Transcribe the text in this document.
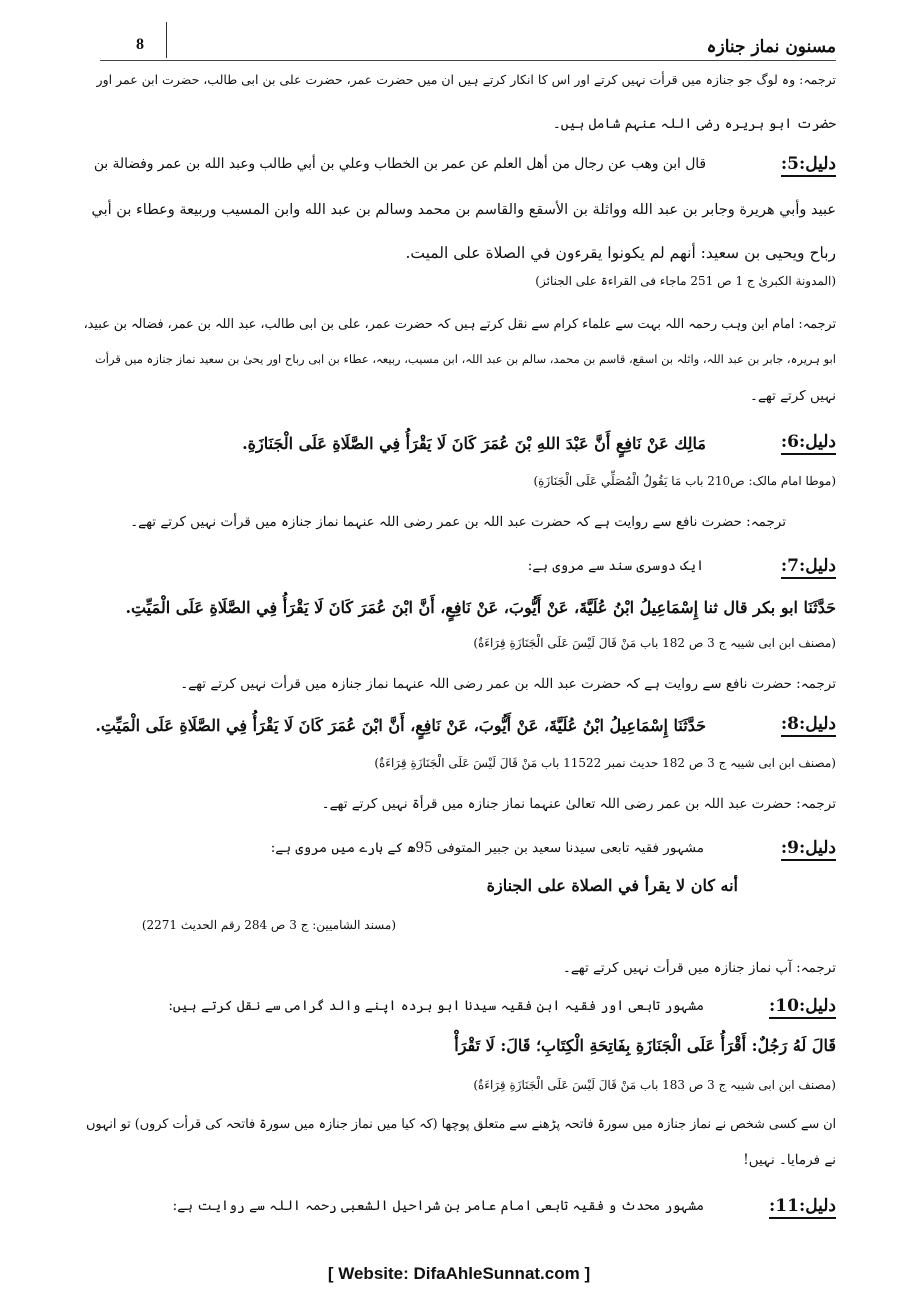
مسنون نماز جنازہ
8
ترجمہ: وہ لوگ جو جنازہ میں قرأت نہیں کرتے اور اس کا انکار کرتے ہیں ان میں حضرت عمر، حضرت علی بن ابی طالب، حضرت ابن عمر اور
حضرت ابو ہریرہ رضی اللہ عنہم شامل ہیں۔
دلیل:5:
قال ابن وهب عن رجال من أهل العلم عن عمر بن الخطاب وعلي بن أبي طالب وعبد الله بن عمر وفضالة بن
عبيد وأبي هريرة وجابر بن عبد الله وواثلة بن الأسقع والقاسم بن محمد وسالم بن عبد الله وابن المسيب وربيعة وعطاء بن أبي
رباح ويحيى بن سعيد: أنهم لم يكونوا يقرءون في الصلاة على الميت.
(المدونة الکبریٰ ج 1 ص 251 ماجاء فی القراءۃ علی الجنائز)
ترجمہ: امام ابن وہب رحمہ اللہ بہت سے علماء کرام سے نقل کرتے ہیں کہ حضرت عمر، علی بن ابی طالب، عبد اللہ بن عمر، فضالہ بن عبید،
ابو ہریرہ، جابر بن عبد اللہ، واثلہ بن اسقع، قاسم بن محمد، سالم بن عبد اللہ، ابن مسیب، ربیعہ، عطاء بن ابی رباح اور یحیٰ بن سعید نماز جنازہ میں قرأت
نہیں کرتے تھے۔
دلیل:6:
مَالِك عَنْ نَافِعٍ أَنَّ عَبْدَ اللهِ بْنَ عُمَرَ كَانَ لَا يَقْرَأُ فِي الصَّلَاةِ عَلَى الْجَنَازَةِ.
(موطا امام مالک: ص210 باب مَا يَقُولُ الْمُصَلِّي عَلَى الْجَنَازَةِ)
ترجمہ: حضرت نافع سے روایت ہے کہ حضرت عبد اللہ بن عمر رضی اللہ عنہما نماز جنازہ میں قرأت نہیں کرتے تھے۔
دلیل:7:
ایک دوسری سند سے مروی ہے:
حَدَّثَنَا ابو بكر قال ثنا إِسْمَاعِيلُ ابْنُ عُلَيَّةَ، عَنْ أَيُّوبَ، عَنْ نَافِعٍ، أَنَّ ابْنَ عُمَرَ كَانَ لَا يَقْرَأُ فِي الصَّلَاةِ عَلَى الْمَيِّتِ.
(مصنف ابن ابی شیبہ ج 3 ص 182 باب مَنْ قَالَ لَيْسَ عَلَى الْجَنَازَةِ قِرَاءَةٌ)
ترجمہ: حضرت نافع سے روایت ہے کہ حضرت عبد اللہ بن عمر رضی اللہ عنہما نماز جنازہ میں قرأت نہیں کرتے تھے۔
دلیل:8:
حَدَّثَنَا إِسْمَاعِيلُ ابْنُ عُلَيَّةَ، عَنْ أَيُّوبَ، عَنْ نَافِعٍ، أَنَّ ابْنَ عُمَرَ كَانَ لَا يَقْرَأُ فِي الصَّلَاةِ عَلَى الْمَيِّتِ.
(مصنف ابن ابی شیبہ ج 3 ص 182 حدیث نمبر 11522 باب مَنْ قَالَ لَيْسَ عَلَى الْجَنَازَةِ قِرَاءَةٌ)
ترجمہ: حضرت عبد اللہ بن عمر رضی اللہ تعالیٰ عنہما نماز جنازہ میں قرأۃ نہیں کرتے تھے۔
دلیل:9:
مشہور فقیہ تابعی سیدنا سعید بن جبیر المتوفی 95ھ کے بارے میں مروی ہے:
أنه كان لا يقرأ في الصلاة على الجنازة
(مسند الشامیین: ج 3 ص 284 رقم الحدیث 2271)
ترجمہ: آپ نماز جنازہ میں قرأت نہیں کرتے تھے۔
دلیل:10:
مشہور تابعی اور فقیہ ابن فقیہ سیدنا ابو بردہ اپنے والد گرامی سے نقل کرتے ہیں:
قَالَ لَهُ رَجُلٌ: أَقْرَأُ عَلَى الْجَنَازَةِ بِفَاتِحَةِ الْكِتَابِ؛ قَالَ: لَا تَقْرَأْ
(مصنف ابن ابی شیبہ ج 3 ص 183 باب مَنْ قَالَ لَيْسَ عَلَى الْجَنَازَةِ قِرَاءَةٌ)
ان سے کسی شخص نے نماز جنازہ میں سورۃ فاتحہ پڑھنے سے متعلق پوچھا (کہ کیا میں نماز جنازہ میں سورۃ فاتحہ کی قرأت کروں) تو انہوں
نے فرمایا۔ نہیں!
دلیل:11:
مشہور محدث و فقیہ تابعی امام عامر بن شراحیل الشعبی رحمہ اللہ سے روایت ہے:
[ Website: DifaAhleSunnat.com ]
